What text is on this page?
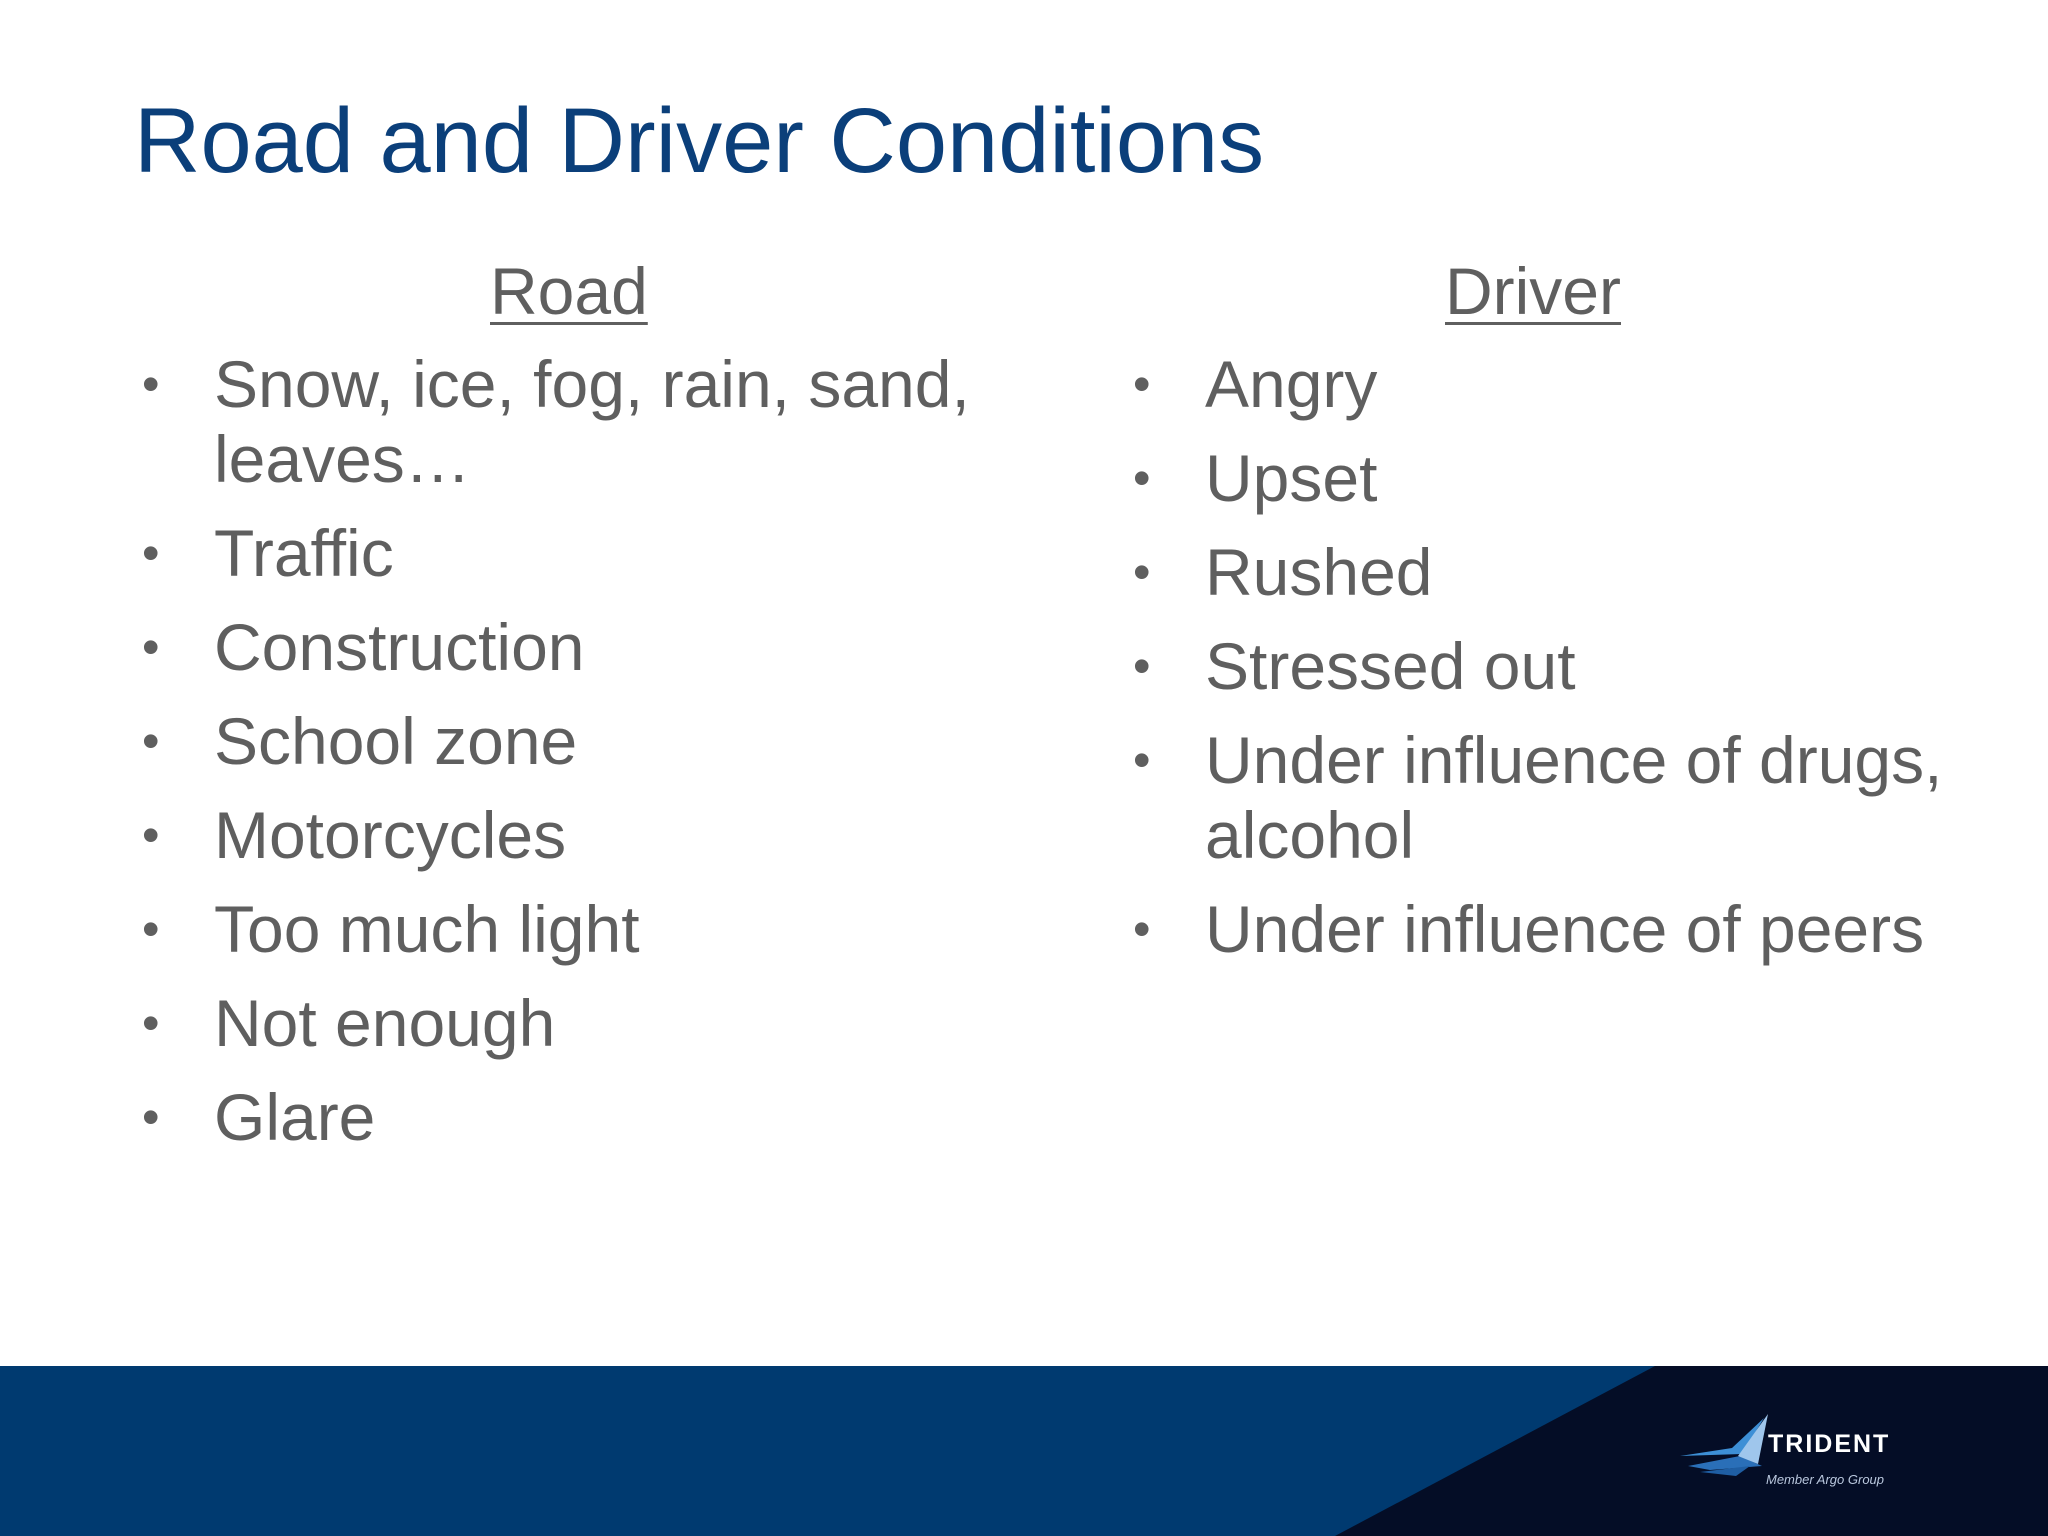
Road and Driver Conditions
Road	Driver
• Snow, ice, fog, rain, sand, leaves…
• Traffic
• Construction
• School zone
• Motorcycles
• Too much light
• Not enough
• Glare
• Angry
• Upset
• Rushed
• Stressed out
• Under influence of drugs, alcohol
• Under influence of peers
TRIDENT
Member Argo Group
